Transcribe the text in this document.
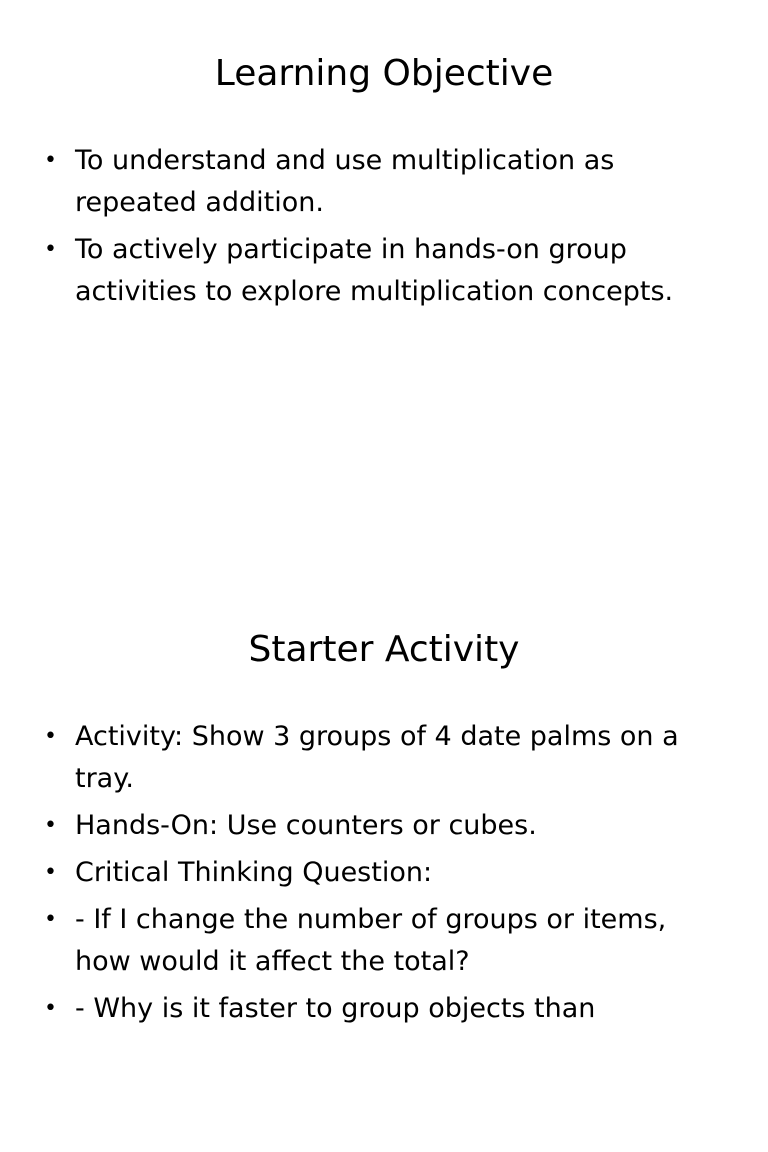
Learning Objective
• To understand and use multiplication as repeated addition.
• To actively participate in hands-on group activities to explore multiplication concepts.
Starter Activity
• Activity: Show 3 groups of 4 date palms on a tray.
• Hands-On: Use counters or cubes.
• Critical Thinking Question:
• - If I change the number of groups or items, how would it affect the total?
• - Why is it faster to group objects than
